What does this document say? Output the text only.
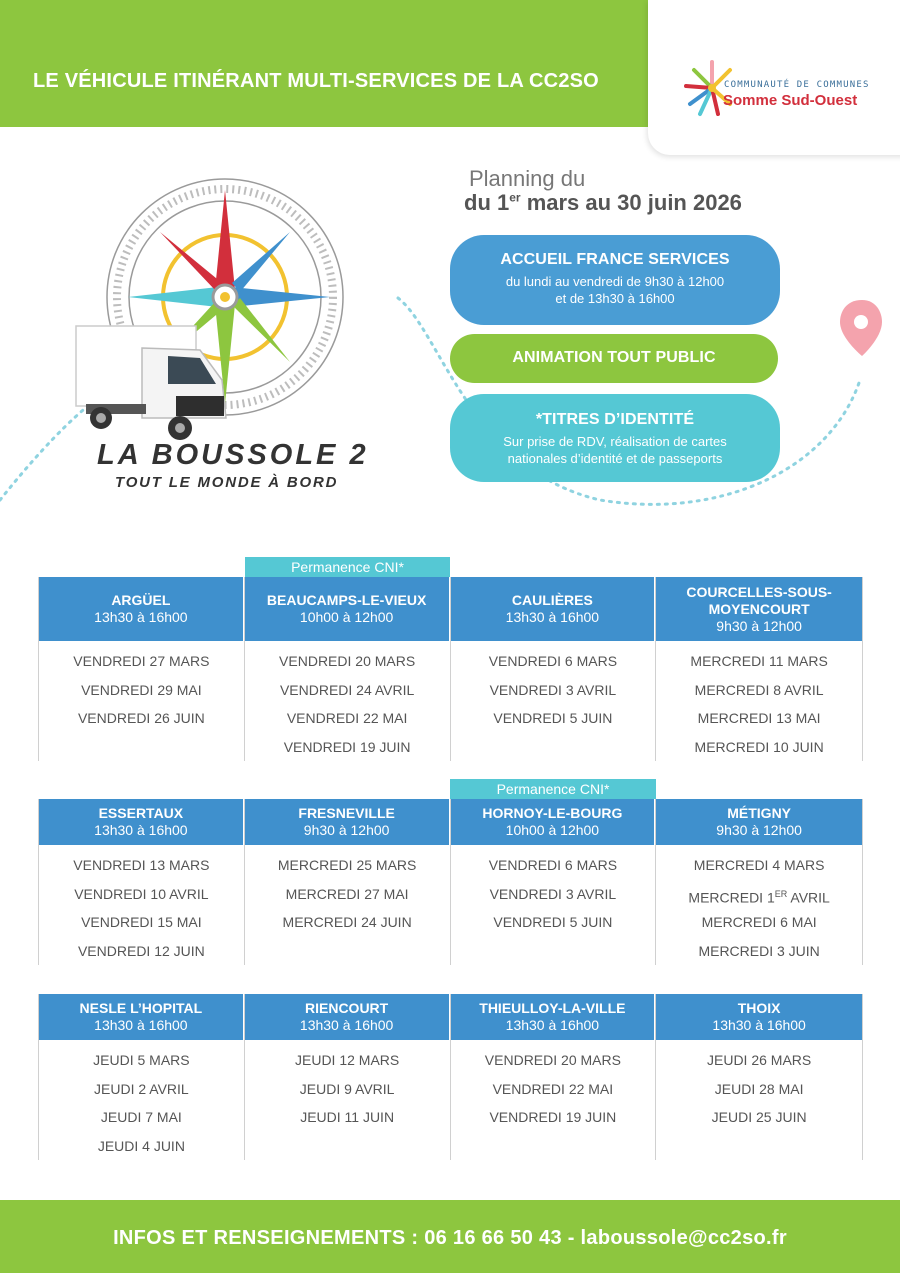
LE VÉHICULE ITINÉRANT MULTI-SERVICES DE LA CC2SO	COMMUNAUTÉ DE COMMUNES
Somme Sud-Ouest
Planning du
du 1er mars au 30 juin 2026
ACCUEIL FRANCE SERVICES
du lundi au vendredi de 9h30 à 12h00
et de 13h30 à 16h00
ANIMATION TOUT PUBLIC
*TITRES D’IDENTITÉ
Sur prise de RDV, réalisation de cartes
nationales d’identité et de passeports
LA BOUSSOLE 2
TOUT LE MONDE À BORD
Permanence CNI*
Permanence CNI*
ARGÜEL
13h30 à 16h00
VENDREDI 27 MARS
VENDREDI 29 MAI
VENDREDI 26 JUIN
BEAUCAMPS-LE-VIEUX
10h00 à 12h00
VENDREDI 20 MARS
VENDREDI 24 AVRIL
VENDREDI 22 MAI
VENDREDI 19 JUIN
CAULIÈRES
13h30 à 16h00
VENDREDI 6 MARS
VENDREDI 3 AVRIL
VENDREDI 5 JUIN
COURCELLES-SOUS-
MOYENCOURT
9h30 à 12h00
MERCREDI 11 MARS
MERCREDI 8 AVRIL
MERCREDI 13 MAI
MERCREDI 10 JUIN
ESSERTAUX
13h30 à 16h00
VENDREDI 13 MARS
VENDREDI 10 AVRIL
VENDREDI 15 MAI
VENDREDI 12 JUIN
FRESNEVILLE
9h30 à 12h00
MERCREDI 25 MARS
MERCREDI 27 MAI
MERCREDI 24 JUIN
HORNOY-LE-BOURG
10h00 à 12h00
VENDREDI 6 MARS
VENDREDI 3 AVRIL
VENDREDI 5 JUIN
MÉTIGNY
9h30 à 12h00
MERCREDI 4 MARS
MERCREDI 1ER AVRIL
MERCREDI 6 MAI
MERCREDI 3 JUIN
NESLE L’HOPITAL
13h30 à 16h00
JEUDI 5 MARS
JEUDI 2 AVRIL
JEUDI 7 MAI
JEUDI 4 JUIN
RIENCOURT
13h30 à 16h00
JEUDI 12 MARS
JEUDI 9 AVRIL
JEUDI 11 JUIN
THIEULLOY-LA-VILLE
13h30 à 16h00
VENDREDI 20 MARS
VENDREDI 22 MAI
VENDREDI 19 JUIN
THOIX
13h30 à 16h00
JEUDI 26 MARS
JEUDI 28 MAI
JEUDI 25 JUIN
INFOS ET RENSEIGNEMENTS : 06 16 66 50 43 - laboussole@cc2so.fr
